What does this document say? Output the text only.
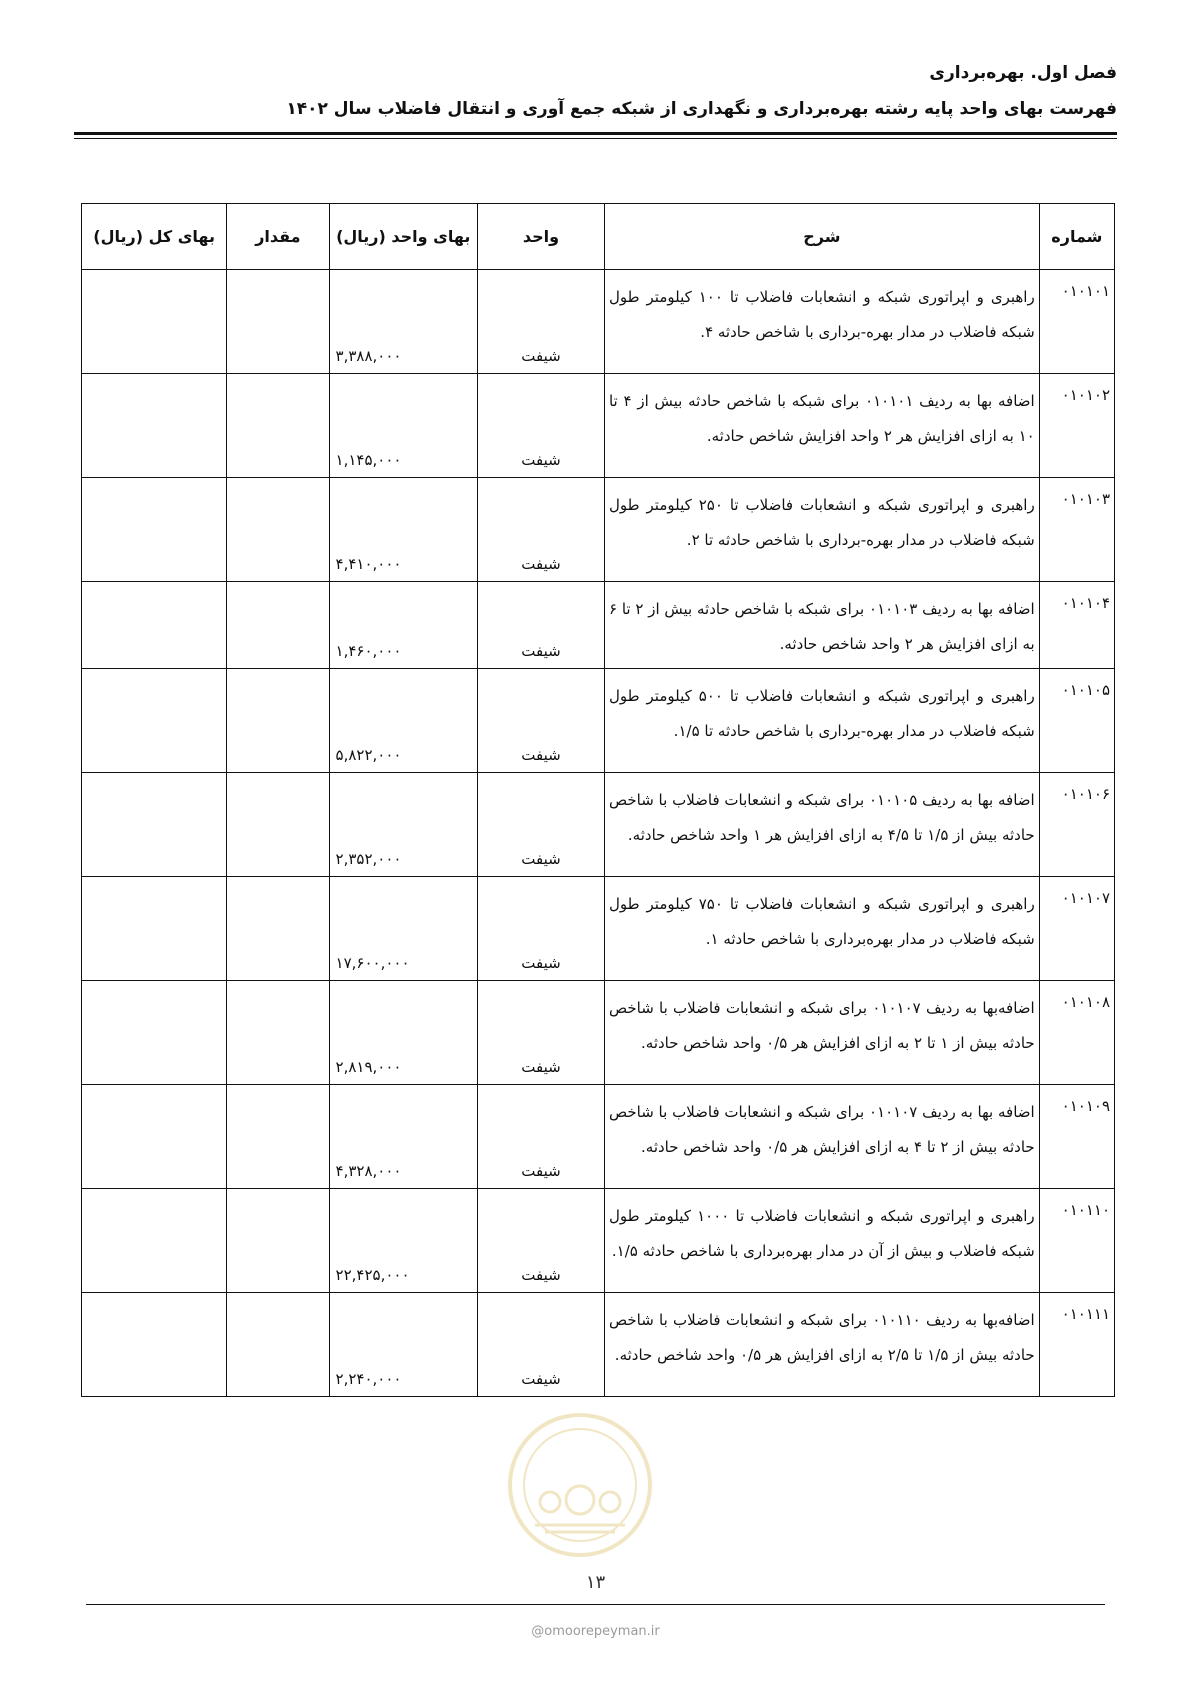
فصل اول. بهره‌برداری
فهرست بهای واحد پایه رشته بهره‌برداری و نگهداری از شبکه جمع آوری و انتقال فاضلاب سال ۱۴۰۲
شماره	شرح	واحد	بهای واحد (ریال)	مقدار	بهای کل (ریال)
۰۱۰۱۰۱	راهبری و اپراتوری شبکه و انشعابات فاضلاب تا ۱۰۰ کیلومتر طول شبکه فاضلاب در مدار بهره-برداری با شاخص حادثه ۴.	شیفت	۳,۳۸۸,۰۰۰		
۰۱۰۱۰۲	اضافه بها به ردیف ۰۱۰۱۰۱ برای شبکه با شاخص حادثه بیش از ۴ تا ۱۰ به ازای افزایش هر ۲ واحد افزایش شاخص حادثه.	شیفت	۱,۱۴۵,۰۰۰		
۰۱۰۱۰۳	راهبری و اپراتوری شبکه و انشعابات فاضلاب تا ۲۵۰ کیلومتر طول شبکه فاضلاب در مدار بهره-برداری با شاخص حادثه تا ۲.	شیفت	۴,۴۱۰,۰۰۰		
۰۱۰۱۰۴	اضافه بها به ردیف ۰۱۰۱۰۳ برای شبکه با شاخص حادثه بیش از ۲ تا ۶ به ازای افزایش هر ۲ واحد شاخص حادثه.	شیفت	۱,۴۶۰,۰۰۰		
۰۱۰۱۰۵	راهبری و اپراتوری شبکه و انشعابات فاضلاب تا ۵۰۰ کیلومتر طول شبکه فاضلاب در مدار بهره-برداری با شاخص حادثه تا ۱/۵.	شیفت	۵,۸۲۲,۰۰۰		
۰۱۰۱۰۶	اضافه بها به ردیف ۰۱۰۱۰۵ برای شبکه و انشعابات فاضلاب با شاخص حادثه بیش از ۱/۵ تا ۴/۵ به ازای افزایش هر ۱ واحد شاخص حادثه.	شیفت	۲,۳۵۲,۰۰۰		
۰۱۰۱۰۷	راهبری و اپراتوری شبکه و انشعابات فاضلاب تا ۷۵۰ کیلومتر طول شبکه فاضلاب در مدار بهره‌برداری با شاخص حادثه ۱.	شیفت	۱۷,۶۰۰,۰۰۰		
۰۱۰۱۰۸	اضافه‌بها به ردیف ۰۱۰۱۰۷ برای شبکه و انشعابات فاضلاب با شاخص حادثه بیش از ۱ تا ۲ به ازای افزایش هر ۰/۵ واحد شاخص حادثه.	شیفت	۲,۸۱۹,۰۰۰		
۰۱۰۱۰۹	اضافه بها به ردیف ۰۱۰۱۰۷ برای شبکه و انشعابات فاضلاب با شاخص حادثه بیش از ۲ تا ۴ به ازای افزایش هر ۰/۵ واحد شاخص حادثه.	شیفت	۴,۳۲۸,۰۰۰		
۰۱۰۱۱۰	راهبری و اپراتوری شبکه و انشعابات فاضلاب تا ۱۰۰۰ کیلومتر طول شبکه فاضلاب و بیش از آن در مدار بهره‌برداری با شاخص حادثه ۱/۵.	شیفت	۲۲,۴۲۵,۰۰۰		
۰۱۰۱۱۱	اضافه‌بها به ردیف ۰۱۰۱۱۰ برای شبکه و انشعابات فاضلاب با شاخص حادثه بیش از ۱/۵ تا ۲/۵ به ازای افزایش هر ۰/۵ واحد شاخص حادثه.	شیفت	۲,۲۴۰,۰۰۰		
۱۳
@omoorepeyman.ir
